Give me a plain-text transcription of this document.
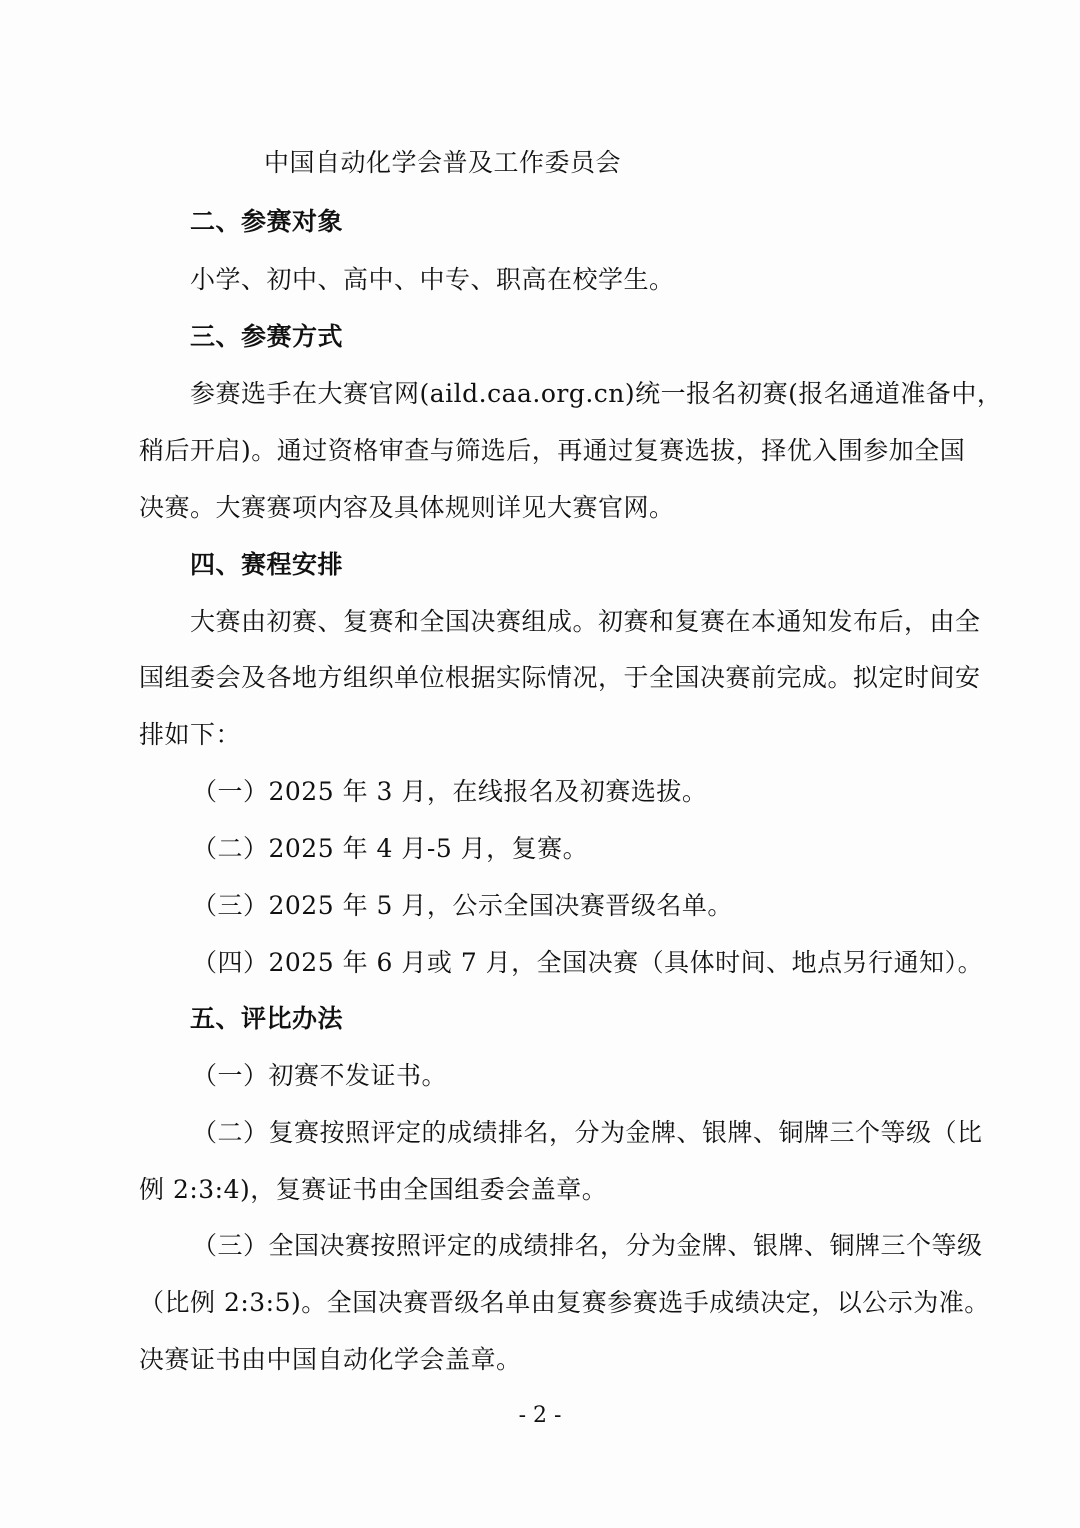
中国自动化学会普及工作委员会

二、参赛对象

小学、初中、高中、中专、职高在校学生。

三、参赛方式

参赛选手在大赛官网(aild.caa.org.cn)统一报名初赛(报名通道准备中，

稍后开启)。通过资格审查与筛选后，再通过复赛选拔，择优入围参加全国

决赛。大赛赛项内容及具体规则详见大赛官网。

四、赛程安排

大赛由初赛、复赛和全国决赛组成。初赛和复赛在本通知发布后，由全

国组委会及各地方组织单位根据实际情况，于全国决赛前完成。拟定时间安

排如下：

（一）2025 年 3 月，在线报名及初赛选拔。

（二）2025 年 4 月-5 月，复赛。

（三）2025 年 5 月，公示全国决赛晋级名单。

（四）2025 年 6 月或 7 月，全国决赛（具体时间、地点另行通知）。

五、评比办法

（一）初赛不发证书。

（二）复赛按照评定的成绩排名，分为金牌、银牌、铜牌三个等级（比

例 2:3:4)，复赛证书由全国组委会盖章。

（三）全国决赛按照评定的成绩排名，分为金牌、银牌、铜牌三个等级

（比例 2:3:5)。全国决赛晋级名单由复赛参赛选手成绩决定，以公示为准。

决赛证书由中国自动化学会盖章。

- 2 -
